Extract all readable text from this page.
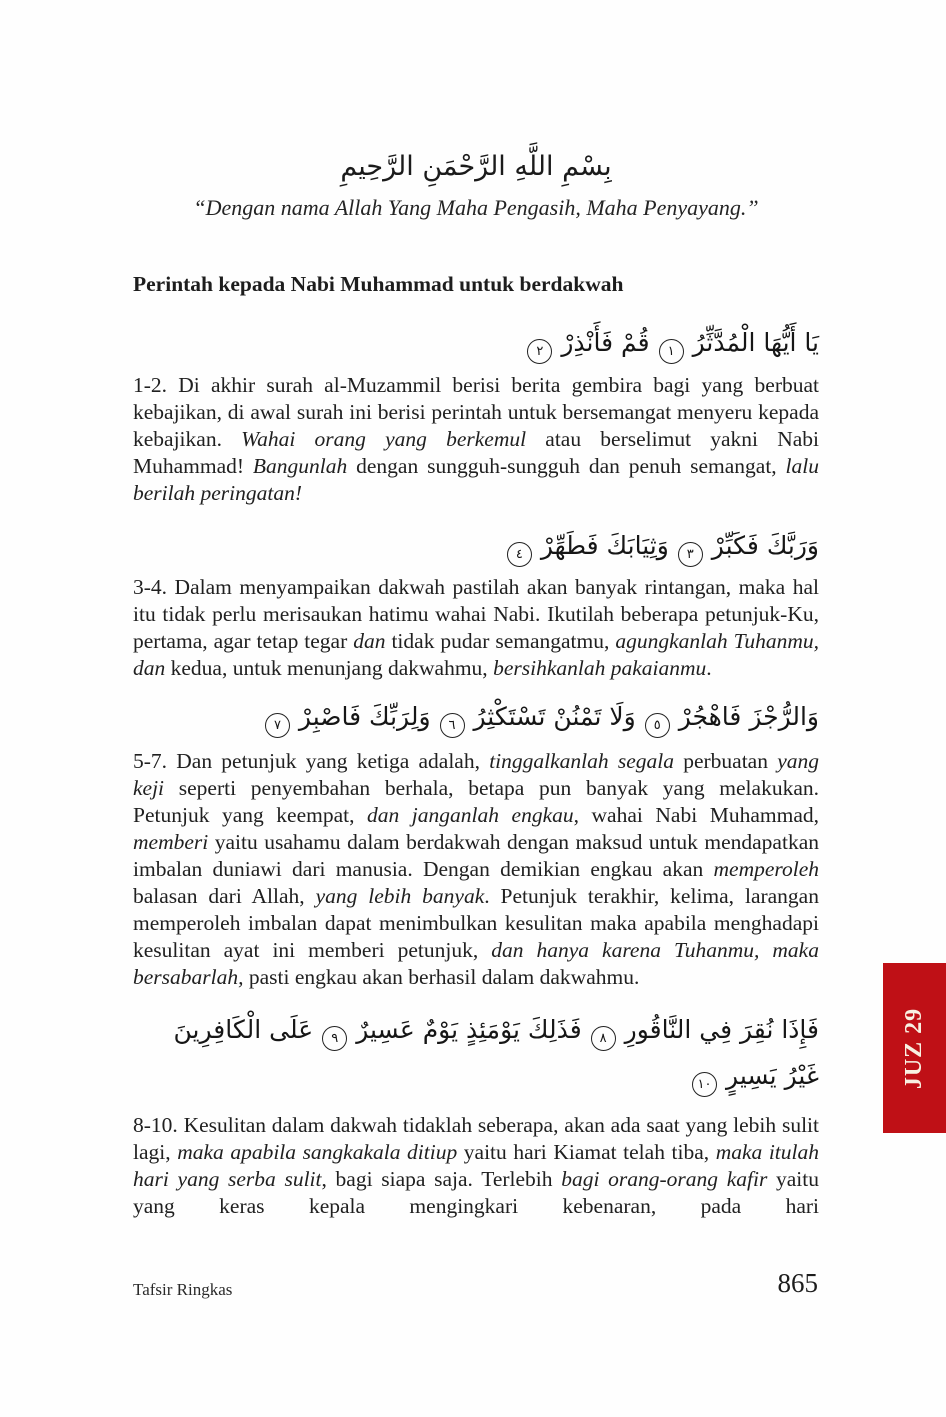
بِسْمِ اللَّهِ الرَّحْمَنِ الرَّحِيمِ
“Dengan nama Allah Yang Maha Pengasih, Maha Penyayang.”
Perintah kepada Nabi Muhammad untuk berdakwah
يَا أَيُّهَا الْمُدَّثِّرُ١قُمْ فَأَنْذِرْ٢
1-2. Di akhir surah al-Muzammil berisi berita gembira bagi yang berbuat kebajikan, di awal surah ini berisi perintah untuk bersemangat menyeru kepada kebajikan. Wahai orang yang berkemul atau berselimut yakni Nabi Muhammad! Bangunlah dengan sungguh-sungguh dan penuh semangat, lalu berilah peringatan!
وَرَبَّكَ فَكَبِّرْ٣وَثِيَابَكَ فَطَهِّرْ٤
3-4. Dalam menyampaikan dakwah pastilah akan banyak rintangan, maka hal itu tidak perlu merisaukan hatimu wahai Nabi. Ikutilah beberapa petunjuk-Ku, pertama, agar tetap tegar dan tidak pudar semangatmu, agungkanlah Tuhanmu, dan kedua, untuk menunjang dakwahmu, bersihkanlah pakaianmu.
وَالرُّجْزَ فَاهْجُرْ٥وَلَا تَمْنُنْ تَسْتَكْثِرُ٦وَلِرَبِّكَ فَاصْبِرْ٧
5-7. Dan petunjuk yang ketiga adalah, tinggalkanlah segala perbuatan yang keji seperti penyembahan berhala, betapa pun banyak yang melakukan. Petunjuk yang keempat, dan janganlah engkau, wahai Nabi Muhammad, memberi yaitu usahamu dalam berdakwah dengan maksud untuk mendapatkan imbalan duniawi dari manusia. Dengan demikian engkau akan memperoleh balasan dari Allah, yang lebih banyak. Petunjuk terakhir, kelima, larangan memperoleh imbalan dapat menimbulkan kesulitan maka apabila menghadapi kesulitan ayat ini memberi petunjuk, dan hanya karena Tuhanmu, maka bersabarlah, pasti engkau akan berhasil dalam dakwahmu.
فَإِذَا نُقِرَ فِي النَّاقُورِ٨فَذَلِكَ يَوْمَئِذٍ يَوْمٌ عَسِيرٌ٩عَلَى الْكَافِرِينَ غَيْرُ يَسِيرٍ١٠
8-10. Kesulitan dalam dakwah tidaklah seberapa, akan ada saat yang lebih sulit lagi, maka apabila sangkakala ditiup yaitu hari Kiamat telah tiba, maka itulah hari yang serba sulit, bagi siapa saja. Terlebih bagi orang-orang kafir yaitu yang keras kepala mengingkari kebenaran, pada hari
JUZ 29
Tafsir Ringkas	865
